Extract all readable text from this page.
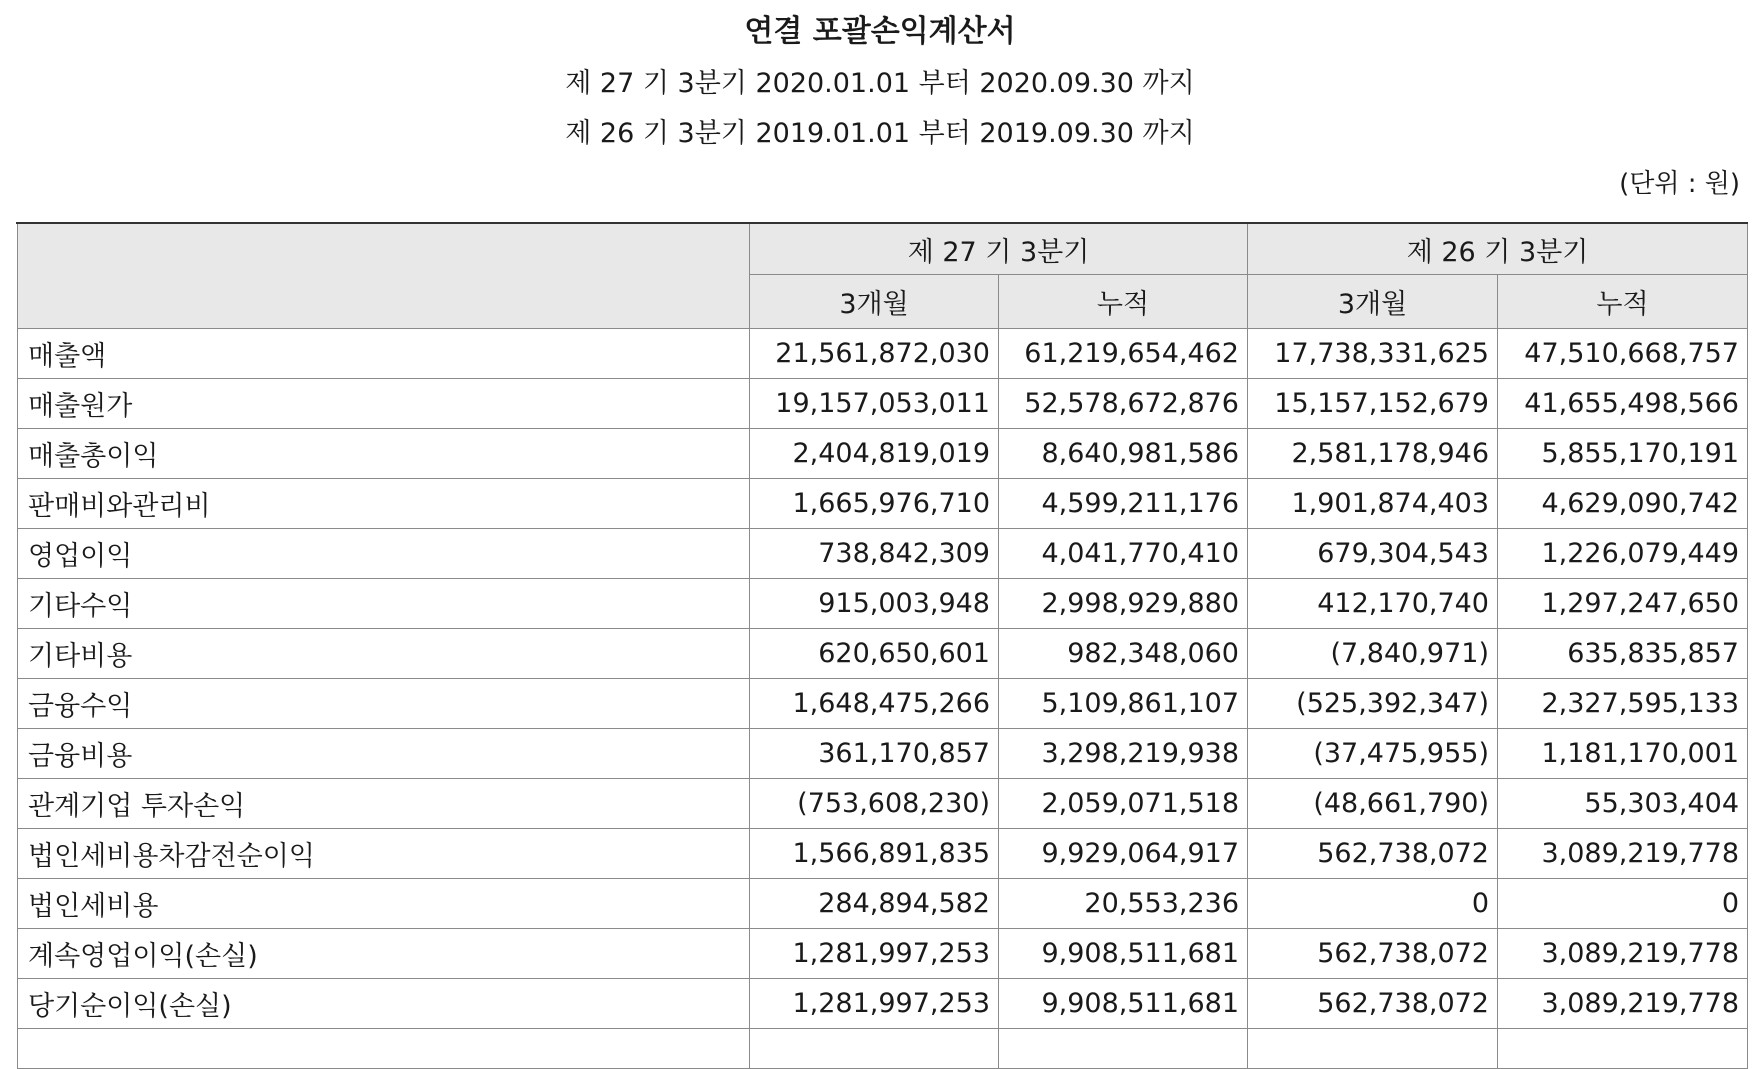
연결 포괄손익계산서
제 27 기 3분기 2020.01.01 부터 2020.09.30 까지
제 26 기 3분기 2019.01.01 부터 2019.09.30 까지
(단위 : 원)
	제 27 기 3분기		제 26 기 3분기	
	3개월	누적	3개월	누적
매출액	21,561,872,030	61,219,654,462	17,738,331,625	47,510,668,757
매출원가	19,157,053,011	52,578,672,876	15,157,152,679	41,655,498,566
매출총이익	2,404,819,019	8,640,981,586	2,581,178,946	5,855,170,191
판매비와관리비	1,665,976,710	4,599,211,176	1,901,874,403	4,629,090,742
영업이익	738,842,309	4,041,770,410	679,304,543	1,226,079,449
기타수익	915,003,948	2,998,929,880	412,170,740	1,297,247,650
기타비용	620,650,601	982,348,060	(7,840,971)	635,835,857
금융수익	1,648,475,266	5,109,861,107	(525,392,347)	2,327,595,133
금융비용	361,170,857	3,298,219,938	(37,475,955)	1,181,170,001
관계기업 투자손익	(753,608,230)	2,059,071,518	(48,661,790)	55,303,404
법인세비용차감전순이익	1,566,891,835	9,929,064,917	562,738,072	3,089,219,778
법인세비용	284,894,582	20,553,236	0	0
계속영업이익(손실)	1,281,997,253	9,908,511,681	562,738,072	3,089,219,778
당기순이익(손실)	1,281,997,253	9,908,511,681	562,738,072	3,089,219,778
